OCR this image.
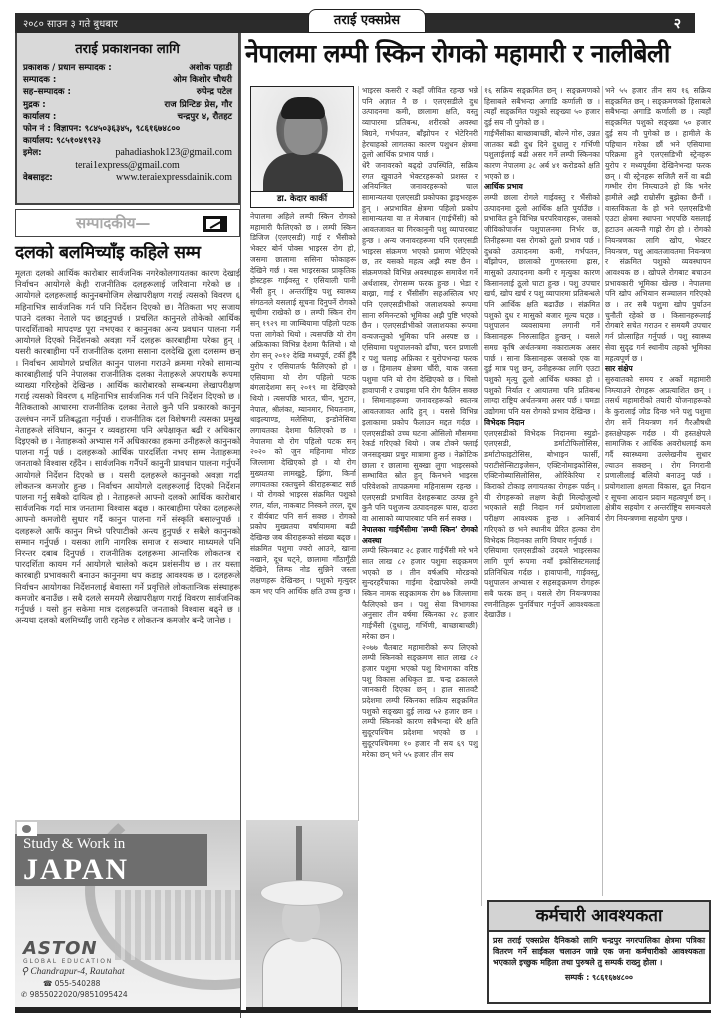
२०८० साउन ३ गते बुधबार	२
तराई एक्सप्रेस
तराई प्रकाशनका लागि
प्रकाशक / प्रधान सम्पादक :	अशोक पहाडी
सम्पादक :	ओम किशोर चौधरी
सह–सम्पादक :	रुपेन्द्र पटेल
मुद्रक :	राज प्रिन्टिङ प्रेस, गौर
कार्यालय :	चन्द्रपुर ४, रौतहट
फोन नं : विज्ञापन: ९८४५०३६३४५, ९८६१६७४८००
कार्यालय: ९८५१०४१९२३
इमेल:	pahadiashok123@gmail.com
terai1express@gmail.com
वेबसाइट:	www.teraiexpressdainik.com
सम्पादकीय—
दलको बलमिच्याँइ कहिले सम्म
मूलतः दलको आर्थिक कारोबार सार्वजनिक नगरेकोलगायतका कारण देखाई निर्वाचन आयोगले केही राजनीतिक दलहरूलाई जरिवाना गरेको छ । आयोगले दलहरूलाई कानुनबमोजिम लेखापरीक्षण गराई त्यसको विवरण ६ महिनाभित्र सार्वजनिक गर्न पनि निर्देशन दिएको छ। नैतिकता भए सजाय पाउने दलका नेताले पद छाड्नुपर्छ । प्रचलित कानुनले तोकेको आर्थिक पारदर्शिताको मापदण्ड पूरा नभएका र कानुनका अन्य प्रवधान पालना गर्न आयोगले दिएको निर्देशनको अवज्ञा गर्ने दलहरू कारबाहीमा परेका हुन् । यसरी कारबाहीमा पर्ने राजनीतिक दलमा ससाना दलदेखि ठूला दलसम्म छन् । निर्वाचन आयोगले प्रचलित कानुन पालना गराउने क्रममा गरेको सामान्य कारबाहीलाई पनि नेपालका राजनीतिक दलका नेताहरूले अपराधकै रूपमा व्याख्या गरिरहेको देखिन्छ । आर्थिक कारोबारको सम्बन्धमा लेखापरीक्षण गराई त्यसको विवरण ६ महिनाभित्र सार्वजनिक गर्न पनि निर्देशन दिएको छ । नैतिकताको आधारमा राजनीतिक दलका नेताले कुनै पनि प्रकारको कानुन उल्लंघन नगर्ने प्रतिबद्धता गर्नुपर्छ । राजनीतिक दल विशेषगरी त्यसका प्रमुख नेताहरूले संविधान, कानुन र व्यवहारमा पनि अपेक्षाकृत बढी र अधिकार दिइएको छ । नेताहरूको अभ्यास गर्ने अधिकारका हकमा उनीहरूले कानुनको पालना गर्नु पर्छ । दलहरूको आर्थिक पारदर्शिता नभए सम्म नेताहरूमा जनताको विश्वास रहँदैन । सार्वजनिक गर्नैपर्ने कानुनी प्रावधान पालना गर्नुपर्ने आयोगले निर्देशन दिएको छ । यसरी दलहरूले कानुनको अवज्ञा गर्दा लोकतन्त्र कमजोर हुन्छ । निर्वाचन आयोगले दलहरूलाई दिएको निर्देशन पालना गर्नु सबैको दायित्व हो । नेताहरूले आफ्नो दलको आर्थिक कारोबार सार्वजनिक गर्दा मात्र जनतामा विश्वास बढ्छ । कारबाहीमा परेका दलहरूले आफ्नो कमजोरी सुधार गर्दै कानुन पालना गर्ने संस्कृति बसाल्नुपर्छ । दलहरूले आफैं कानुन मिच्ने परिपाटीको अन्त्य हुनुपर्छ र सबैले कानुनको सम्मान गर्नुपर्छ । यसका लागि नागरिक समाज र सञ्चार माध्यमले पनि निरन्तर दबाब दिनुपर्छ । राजनीतिक दलहरूमा आन्तरिक लोकतन्त्र र पारदर्शिता कायम गर्न आयोगले चालेको कदम प्रशंसनीय छ । तर यस्ता कारबाही प्रभावकारी बनाउन कानुनमा थप कडाइ आवश्यक छ । दलहरूले निर्वाचन आयोगका निर्देशनलाई बेवास्ता गर्ने प्रवृत्तिले लोकतान्त्रिक संस्थाहरू कमजोर बनाउँछ । सबै दलले समयमै लेखापरीक्षण गराई विवरण सार्वजनिक गर्नुपर्छ । यसो हुन सकेमा मात्र दलहरूप्रति जनताको विश्वास बढ्ने छ । अन्यथा दलको बलमिच्याँइ जारी रहनेछ र लोकतन्त्र कमजोर बन्दै जानेछ ।
Study & Work in
JAPAN
ASTON
GLOBAL EDUCATION
⚲ Chandrapur-4, Rautahat
☎ 055-540288
✆ 9855022020/9851095424
नेपालमा लम्पी स्किन रोगको महामारी र नालीबेली
डा. केदार कार्की

नेपालमा अहिले लम्पी स्किन रोगको महामारी फैलिएको छ । लम्पी स्किन डिजिज (एलएसडी) गाई र भैंसीको भेक्टर बोर्न पोक्स भाइरस रोग हो, जसमा छालामा ससिना फोकाहरू देखिने गर्छ । यस भाइरसका प्राकृतिक होस्टहरू गाईवस्तु र एसियाली पानी भैंसी हुन् । अन्तर्राष्ट्रिय पशु स्वास्थ्य संगठनले यसलाई सूचना दिनुपर्ने रोगको सूचीमा राखेको छ । लम्पी स्किन रोग सन् १९२९ मा जाम्बियामा पहिलो पटक पत्ता लागेको थियो । त्यसपछि यो रोग अफ्रिकाका विभिन्न देशमा फैलियो । यो रोग सन् २०१२ देखि मध्यपूर्व, टर्की हुँदै युरोप र एसियातर्फ फैलिएको हो । एसियामा यो रोग पहिलो पटक बंगलादेशमा सन् २०१९ मा देखिएको थियो । त्यसपछि भारत, चीन, भुटान, नेपाल, श्रीलंका, म्यानमार, भियतनाम, थाइल्याण्ड, मलेसिया, इन्डोनेसिया लगायतका देशमा फैलिएको छ । नेपालमा यो रोग पहिलो पटक सन् २०२० को जुन महिनामा मोरङ जिल्लामा देखिएको हो । यो रोग मुख्यतया लामखुट्टे, झिंगा, किर्ना लगायतका रक्तचुस्ने कीराहरूबाट सर्छ । यो रोगको भाइरस संक्रमित पशुको रगत, र्याल, नाकबाट निस्कने तरल, दूध र वीर्यबाट पनि सर्न सक्छ । रोगको प्रकोप मुख्यतया वर्षायाममा बढी देखिन्छ जब कीराहरूको संख्या बढ्छ । संक्रमित पशुमा ज्वरो आउने, खाना नखाने, दूध घट्ने, छालामा गाँठागुँठी देखिने, लिम्फ नोड सुन्निने जस्ता लक्षणहरू देखिन्छन् । पशुको मृत्युदर कम भए पनि आर्थिक क्षति उच्च हुन्छ ।

भाइरस कसरी र कहाँ जीवित रहन्छ भन्ने पनि अज्ञात नै छ । एलएसडीले दुध उत्पादनमा कमी, छालामा क्षति, वस्तु व्यापारमा प्रतिबन्ध, शरीरको अवस्था बिग्रने, गर्भपतन, बाँझोपन र भेटेरिनरी हेरचाहको लागतका कारण पशुधन क्षेत्रमा ठूलो आर्थिक प्रभाव पार्छ ।

धेरै जनावरको बढ्दो उपस्थिति, सक्रिय रगत खुवाउने भेक्टरहरूको प्रशस्त र अनियन्त्रित जनावरहरूको चाल सामान्यतया एलएसडी प्रकोपका ड्राइभरहरू हुन् । अप्रभावित क्षेत्रमा पहिलो प्रकोप सामान्यतया या त मेजबान (गाईभैंसी) को आवतजावत या गिरकानुनी पशु व्यापारबाट हुन्छ । अन्य जनावरहरूमा पनि एलएसडी भाइरस संक्रमण भएको प्रमाण भेटिएको छ, तर यसको महत्व अझै स्पष्ट छैन । संक्रमणको विभिन्न अवस्थाहरू समावेश गर्ने अर्थशास्त्र, रोगसम्म फरक हुन्छ । भेडा र बाख्रा, गाई र भैंसीसँग सहअस्तित्व भए पनि एलएसडीभीको जलाशयको रूपमा साना रुमिनन्टको भूमिका अझै पुष्टि भएको छैन । एलएसडीभीको जलाशयका रूपमा वन्यजन्तुको भूमिका पनि अस्पष्ट छ । एसियामा पशुपालनको ढाँचा, चरन प्रणाली र पशु चलाइ अफ्रिका र युरोपभन्दा फरक छ । हिमालय क्षेत्रमा चौंरी, याक जस्ता पशुमा पनि यो रोग देखिएको छ । चिसो हावापानी र उचाइमा पनि रोग फैलिन सक्छ । सिमानाहरूमा जनावरहरूको स्वतन्त्र आवतजावत आदि हुन् । यससे विभिन्न इलाकामा प्रकोप फैलाउन मद्दत गर्दछ । एलएसडीको उच्च घटना ओसिलो मौसममा रेकर्ड गरिएको थियो । जब टोक्ने फ्लाई जनसङ्ख्या प्रचुर मात्रामा हुन्छ । नेक्रोटिक छाला र छालामा सुक्खा लुगा भाइरसको सम्भावित स्रोत हुन् किनभने भाइरस परिवेशको तापक्रममा महिनासम्म रहन्छ । एलएसडी प्रभावित देशहरूबाट उत्पन्न हुने कुनै पनि पशुजन्य उत्पादनहरू घास, दाउरा वा आसाको व्यापारबाट पनि सर्न सक्छ ।

नेपालका गाईभैंसीमा 'लम्पी स्किन' रोगको अवस्था

लम्पी स्किनबाट २८ हजार गाईभैंसी मरे भने सात लाख ८२ हजार पशुमा सङ्क्रमण भएको छ । तीन वर्षअघि मोरङको सुन्दरहरैंचाका गाईमा देखापरेको लम्पी स्किन नामक सङ्क्रामक रोग ७७ जिल्लामा फैलिएको छन । पशु सेवा विभागका अनुसार तीन वर्षमा स्किनका २८ हजार गाईभैंसी (दुधालु, गर्भिणी, बाच्छाबाच्छी) मरेका छन ।

२०७७ चैतबाट महामारीको रूप लिएको लम्पी स्किनको सङ्क्रमण सात लाख ८२ हजार पशुमा भएको पशु विभागका वरिष्ठ पशु विकास अधिकृत डा. चन्द्र ढकालले जानकारी दिएका छन् । हाल सातवटै प्रदेशमा लम्पी स्किनका सक्रिय सङ्क्रमित पशुको सङ्ख्या दुई लाख ५२ हजार छन । लम्पी स्किनको कारण सबैभन्दा धेरै क्षति सुदूरपश्चिम प्रदेशमा भएको छ । सुदूरपश्चिममा १० हजार नौ सय ६९ पशु मरेका छन् भने ५५ हजार तीन सय

१६ सक्रिय सङ्क्रमित छन् । सङ्क्रमणको हिसाबले सबैभन्दा अगाडि कर्णाली छ । त्यहाँ सङ्क्रमित पशुको सङ्ख्या ५० हजार दुई सय नौ पुगेको छ ।

गाईभैंसीका बाच्छाबाच्छी, बोल्ने गोरु, उन्नत जातका बढी दुध दिने दुधालु र गर्भिणी पशुलाईलाई बढी असर गर्ने लम्पी स्किनका कारण नेपालमा ३८ अर्ब ४१ करोडको क्षति भएको छ ।

आर्थिक प्रभाव

लम्पी छाला रोगले गाईवस्तु र भैंसीको उत्पादनमा ठूलो आर्थिक क्षति पुर्याउँछ । प्रभावित हुने विभिन्न घरपरिवारहरू, जसको जीविकोपार्जन पशुपालनमा निर्भर छ, तिनीहरूमा यस रोगको ठूलो प्रभाव पर्छ । दुधको उत्पादनमा कमी, गर्भपतन, बाँझोपन, छालाको गुणस्तरमा ह्रास, मासुको उत्पादनमा कमी र मृत्युका कारण किसानलाई ठूलो घाटा हुन्छ । पशु उपचार खर्च, खोप खर्च र पशु व्यापारमा प्रतिबन्धले पनि आर्थिक क्षति बढाउँछ । संक्रमित पशुको दुध र मासुको बजार मूल्य घट्छ । पशुपालन व्यवसायमा लगानी गर्ने किसानहरू निरुत्साहित हुन्छन् । यसले समग्र कृषि अर्थतन्त्रमा नकारात्मक असर पार्छ । साना किसानहरू जसको एक वा दुई मात्र पशु छन्, उनीहरूका लागि एउटा पशुको मृत्यु ठूलो आर्थिक धक्का हो । पशुको निर्यात र आयातमा पनि प्रतिबन्ध लाग्दा राष्ट्रिय अर्थतन्त्रमा असर पर्छ । चमडा उद्योगमा पनि यस रोगको प्रभाव देखिन्छ ।

विभेदक निदान

एलएसडीको विभेदक निदानमा स्युडो-एलएसडी, डर्माटोफिलोसिस, डर्माटोफाइटोसिस, बोभाइन फार्सी, पराटीसेन्सिटाइजेसन, एक्टिनोमाइकोसिस, एक्टिनोब्यासिलोसिस, ओरिंकेरिया र किराको टोकाइ लगायतका रोगहरू पर्छन् । यी रोगहरूको लक्षण केही मिल्दोजुल्दो भएकाले सही निदान गर्न प्रयोगशाला परीक्षण आवश्यक हुन्छ । अनिवार्य गरिएको छ भने स्थानीय प्रेरित हल्का रोग विभेदक निदानका लागि विचार गर्नुपर्छ ।

एसियामा एलएसडीको उदयले भाइरसका लागि पूर्ण रूपमा नयाँ इकोसिस्टमलाई प्रतिनिधित्व गर्दछ । हावापानी, गाईवस्तु, पशुपालन अभ्यास र सहसङ्क्रमण रोगहरू सबै फरक छन् । यसले रोग नियन्त्रणका रणनीतिहरू पुनर्विचार गर्नुपर्ने आवश्यकता देखाउँछ ।

भने ५५ हजार तीन सय १६ सक्रिय सङ्क्रमित छन् । सङ्क्रमणको हिसाबले सबैभन्दा अगाडि कर्णाली छ । त्यहाँ सङ्क्रमित पशुको सङ्ख्या ५० हजार दुई सय नौ पुगेको छ । हामीले के पहिचान गरेका छौं भने एसियामा परिक्रमा हुने एलएसडिभी स्ट्रेनहरू युरोप र मध्यपूर्वमा देखिनेभन्दा फरक छन् । यी स्ट्रेनहरू सजिलै सर्ने वा बढी गम्भीर रोग निम्त्याउने हो कि भनेर हामीले अझै राम्रोसँग बुझेका छैनौं । वास्तविकता के हो भने एलएसडिभी एउटा क्षेत्रमा स्थापना भएपछि यसलाई हटाउन अत्यन्तै गाह्रो रोग हो । रोगको नियन्त्रणका लागि खोप, भेक्टर नियन्त्रण, पशु आवतजावतमा नियन्त्रण र संक्रमित पशुको व्यवस्थापन आवश्यक छ । खोपले रोगबाट बचाउन प्रभावकारी भूमिका खेल्छ । नेपालमा पनि खोप अभियान सञ्चालन गरिएको छ । तर सबै पशुमा खोप पुर्याउन चुनौती रहेको छ । किसानहरूलाई रोगबारे सचेत गराउन र समयमै उपचार गर्न प्रोत्साहित गर्नुपर्छ । पशु स्वास्थ्य सेवा सुदृढ गर्न स्थानीय तहको भूमिका महत्वपूर्ण छ ।

सार संक्षेप

सुरुवातको समय र अर्को महामारी निम्त्याउने रोगहरू अप्रत्याशित छन् । तसर्थ महामारीको तयारी योजनाहरूको के कुरालाई जोड दिन्छ भने पशु पशुमा रोग सर्ने नियन्त्रण गर्न गैरऔषधी हस्तक्षेपहरू गर्दछ । यी हस्तक्षेपले सामाजिक र आर्थिक अवरोधलाई कम गर्दै स्वास्थ्यमा उल्लेखनीय सुधार ल्याउन सक्छन् । रोग निगरानी प्रणालीलाई बलियो बनाउनु पर्छ । प्रयोगशाला क्षमता विकास, द्रुत निदान र सूचना आदान प्रदान महत्वपूर्ण छन् । क्षेत्रीय सहयोग र अन्तर्राष्ट्रिय समन्वयले रोग नियन्त्रणमा सहयोग पुग्छ ।

कर्मचारी आवश्यकता
प्रस तराई एक्सप्रेस दैनिकको लागि चन्द्रपुर नगरपालिका क्षेत्रमा पत्रिका वितरण गर्ने साईकल चलाउन जान्ने एक जना कर्मचारीको आवश्यकता भएकाले इच्छुक महिला तथा पुरुषले तु सम्पर्क राख्नु होला ।
सम्पर्क : ९८६१६७४८००
